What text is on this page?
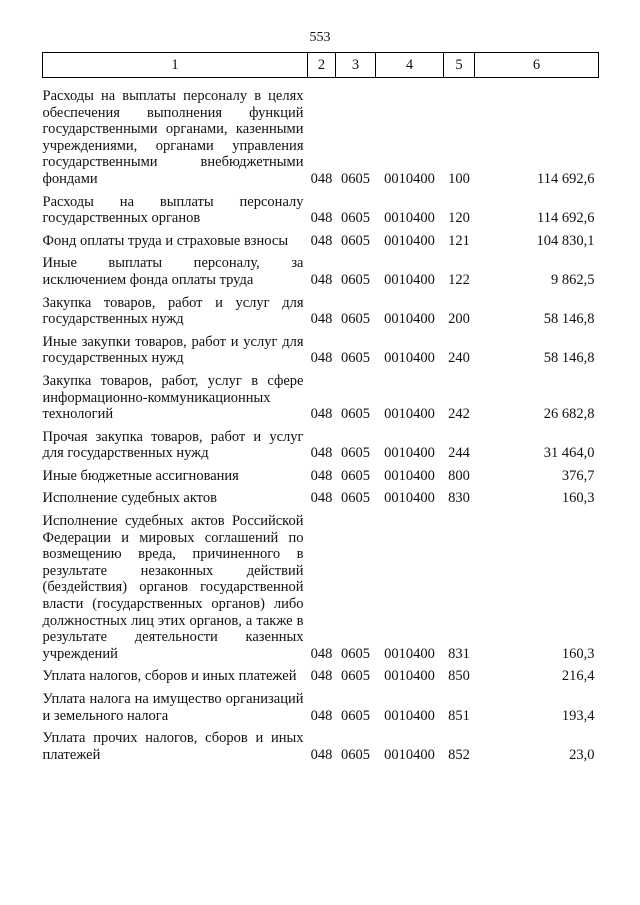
553
1	2	3	4	5	6
Расходы на выплаты персоналу в целях обеспечения выполнения функций государственными органами, казенными учреждениями, органами управления государственными внебюджетными фондами	048	0605	0010400	100	114 692,6
Расходы на выплаты персоналу государственных органов	048	0605	0010400	120	114 692,6
Фонд оплаты труда и страховые взносы	048	0605	0010400	121	104 830,1
Иные выплаты персоналу, за исключением фонда оплаты труда	048	0605	0010400	122	9 862,5
Закупка товаров, работ и услуг для государственных нужд	048	0605	0010400	200	58 146,8
Иные закупки товаров, работ и услуг для государственных нужд	048	0605	0010400	240	58 146,8
Закупка товаров, работ, услуг в сфере информационно-коммуникационных технологий	048	0605	0010400	242	26 682,8
Прочая закупка товаров, работ и услуг для государственных нужд	048	0605	0010400	244	31 464,0
Иные бюджетные ассигнования	048	0605	0010400	800	376,7
Исполнение судебных актов	048	0605	0010400	830	160,3
Исполнение судебных актов Российской Федерации и мировых соглашений по возмещению вреда, причиненного в результате незаконных действий (бездействия) органов государственной власти (государственных органов) либо должностных лиц этих органов, а также в результате деятельности казенных учреждений	048	0605	0010400	831	160,3
Уплата налогов, сборов и иных платежей	048	0605	0010400	850	216,4
Уплата налога на имущество организаций и земельного налога	048	0605	0010400	851	193,4
Уплата прочих налогов, сборов и иных платежей	048	0605	0010400	852	23,0
